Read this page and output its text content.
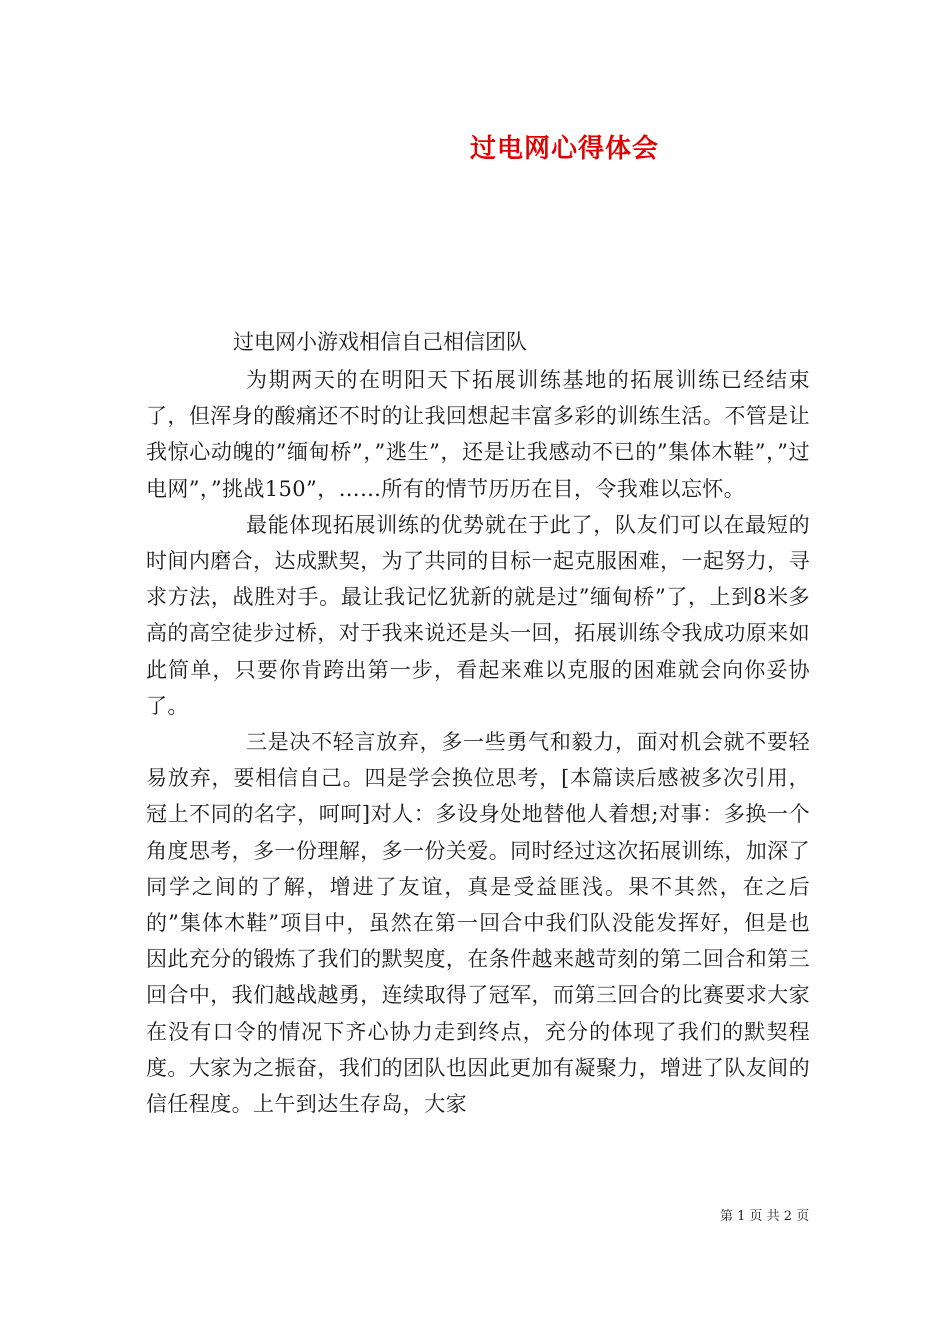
过电网心得体会

过电网小游戏相信自己相信团队

为期两天的在明阳天下拓展训练基地的拓展训练已经结束了，但浑身的酸痛还不时的让我回想起丰富多彩的训练生活。不管是让我惊心动魄的”缅甸桥”，”逃生”，还是让我感动不已的”集体木鞋”，”过电网”，”挑战150”，……所有的情节历历在目，令我难以忘怀。

最能体现拓展训练的优势就在于此了，队友们可以在最短的时间内磨合，达成默契，为了共同的目标一起克服困难，一起努力，寻求方法，战胜对手。最让我记忆犹新的就是过”缅甸桥”了，上到8米多高的高空徒步过桥，对于我来说还是头一回，拓展训练令我成功原来如此简单，只要你肯跨出第一步，看起来难以克服的困难就会向你妥协了。

三是决不轻言放弃，多一些勇气和毅力，面对机会就不要轻易放弃，要相信自己。四是学会换位思考，[本篇读后感被多次引用，冠上不同的名字，呵呵]对人：多设身处地替他人着想;对事：多换一个角度思考，多一份理解，多一份关爱。同时经过这次拓展训练，加深了同学之间的了解，增进了友谊，真是受益匪浅。果不其然，在之后的”集体木鞋”项目中，虽然在第一回合中我们队没能发挥好，但是也因此充分的锻炼了我们的默契度，在条件越来越苛刻的第二回合和第三回合中，我们越战越勇，连续取得了冠军，而第三回合的比赛要求大家在没有口令的情况下齐心协力走到终点，充分的体现了我们的默契程度。大家为之振奋，我们的团队也因此更加有凝聚力，增进了队友间的信任程度。上午到达生存岛，大家

第 1 页 共 2 页
